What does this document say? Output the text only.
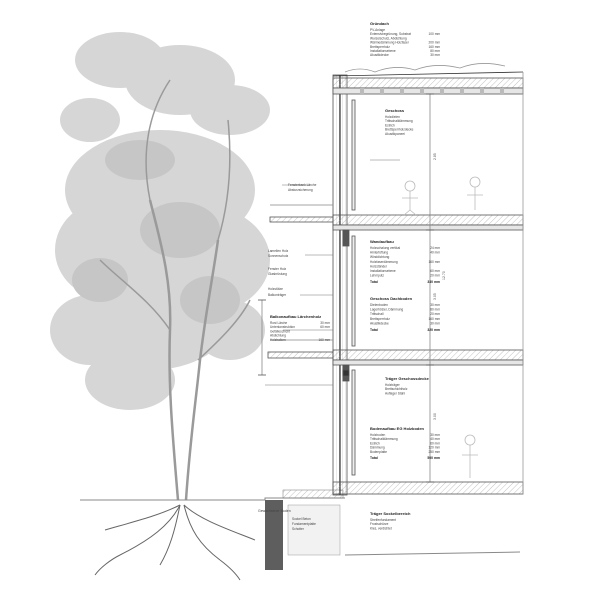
Gründach
PV-Anlage
Extensivbegrünung, Substrat	100 mm
Wurzelschutz, Abdichtung
Wärmedämmung Holzfaser	200 mm
Brettsperrholz	160 mm
Installationsebene	80 mm
Akustikdecke	30 mm
Geschoss
Holzdielen
Trittschalldämmung
Estrich
Brettsperrholzdecke
Akustikpaneel
Wandaufbau
Holzschalung vertikal	24 mm
Hinterlüftung	40 mm
Winddichtung
Holzfaserdämmung	160 mm
Holzständer
Installationsebene	60 mm
Lehmputz	20 mm
Total	330 mm
Geschoss Dachboden
Dielenboden	30 mm
Lagerhölzer, Dämmung	80 mm
Trittschall	20 mm
Brettsperrholz	160 mm
Akustikdecke	30 mm
Total	320 mm
Balkonaufbau Lärchenholz
Rost Lärche	30 mm
Unterkonstruktion	60 mm
Gefälleschicht
Abdichtung
Holzbalken	160 mm
Träger Geschossdecke
Holzträger
Brettschichtholz
Auflager Stahl
Bodenaufbau EG Holzboden
Holzboden	30 mm
Trittschalldämmung	40 mm
Estrich	60 mm
Dämmung	120 mm
Bodenplatte	250 mm
Total	500 mm
Träger Sockelbereich
Streifenfundament
Frostschürze
Kies, verdichtet
Fensterbank Lärche
Absturzsicherung
Lamellen Holz
Sonnenschutz
Fenster Holz
Glasbrüstung
Holzstütze
Balkonträger
Sockel Beton
Fundamentplatte
Schotter
2.85
3.05
3.00
12.70
Gewachsener Boden
